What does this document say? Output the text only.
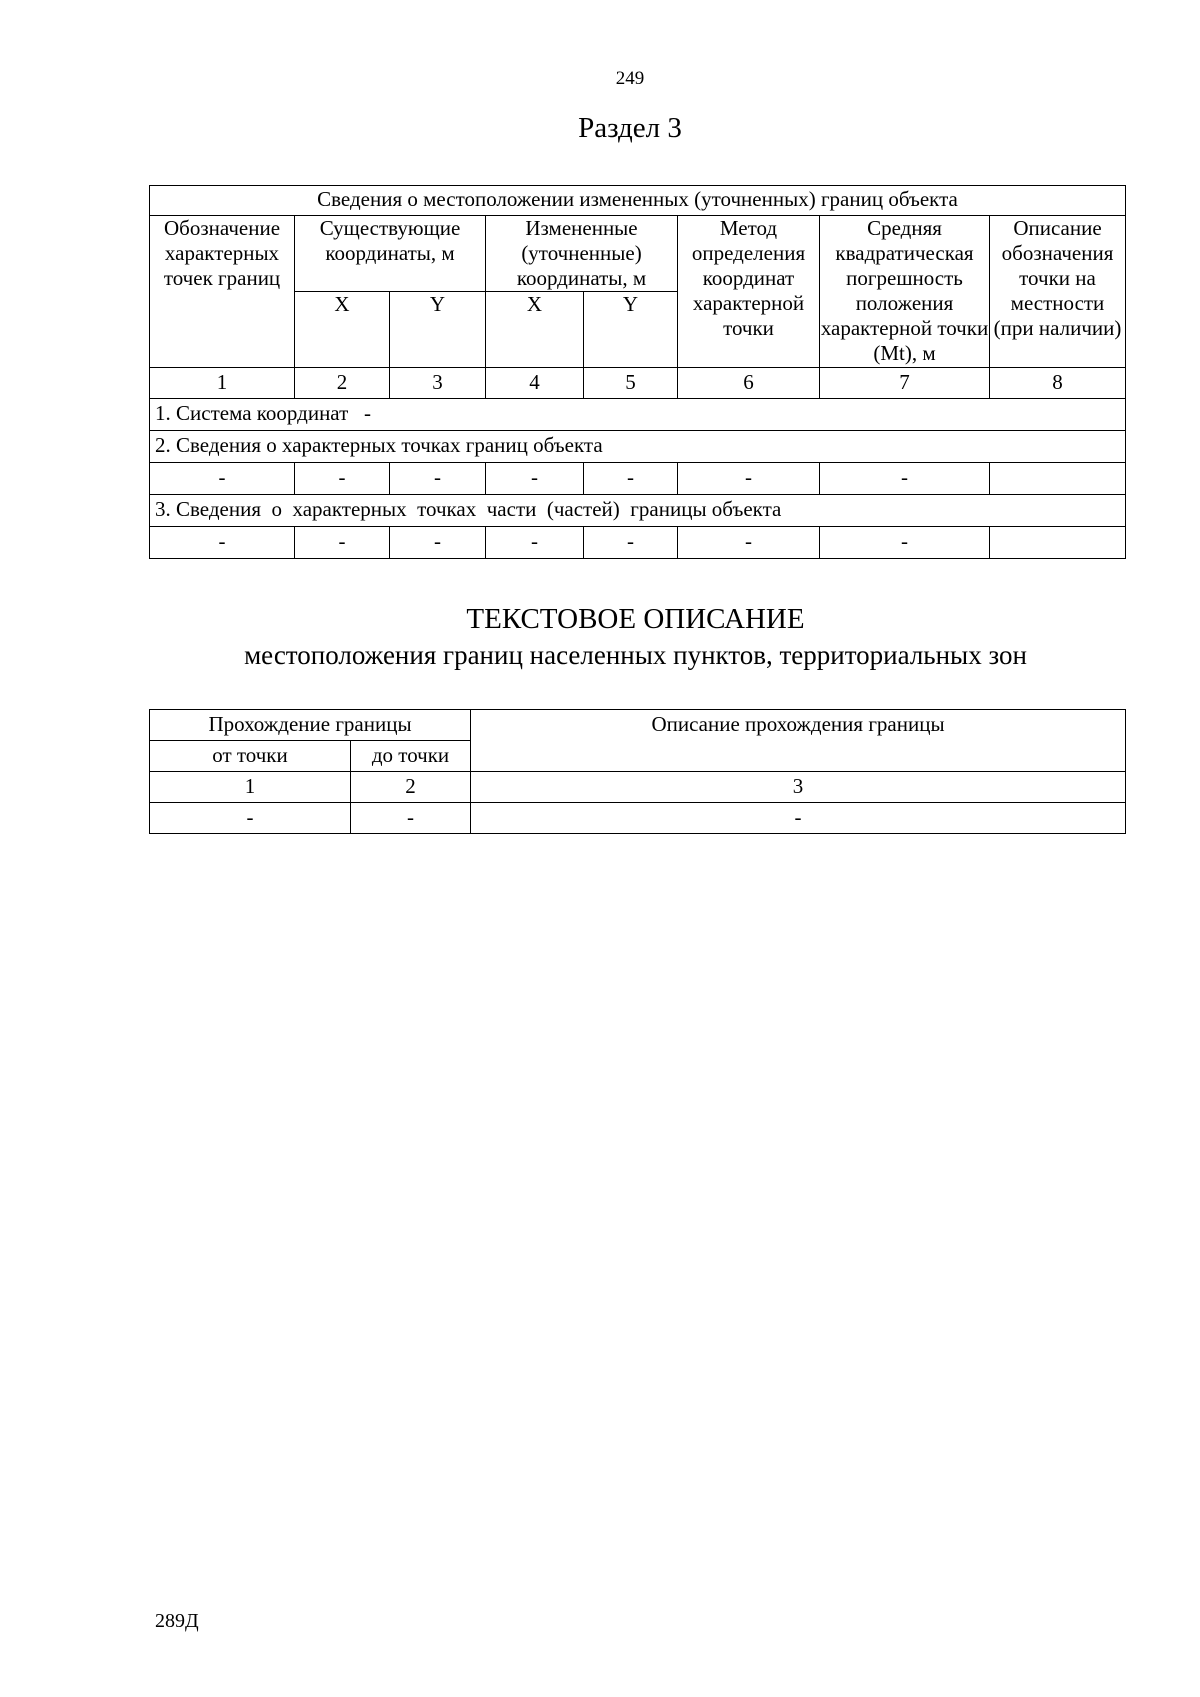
249
Раздел 3
Сведения о местоположении измененных (уточненных) границ объекта							
Обозначение характерных точек границ	Существующие координаты, м		Измененные (уточненные) координаты, м		Метод определения координат характерной точки	Средняя квадратическая погрешность положения характерной точки (Mt), м	Описание обозначения точки на местности (при наличии)
	X	Y	X	Y			
1	2	3	4	5	6	7	8
1. Система координат   -							
2. Сведения о характерных точках границ объекта							
-	-	-	-	-	-	-	
3. Сведения  о  характерных  точках  части  (частей)  границы объекта							
-	-	-	-	-	-	-	
ТЕКСТОВОЕ ОПИСАНИЕ
местоположения границ населенных пунктов, территориальных зон
Прохождение границы		Описание прохождения границы
от точки	до точки	
1	2	3
-	-	-
289Д
